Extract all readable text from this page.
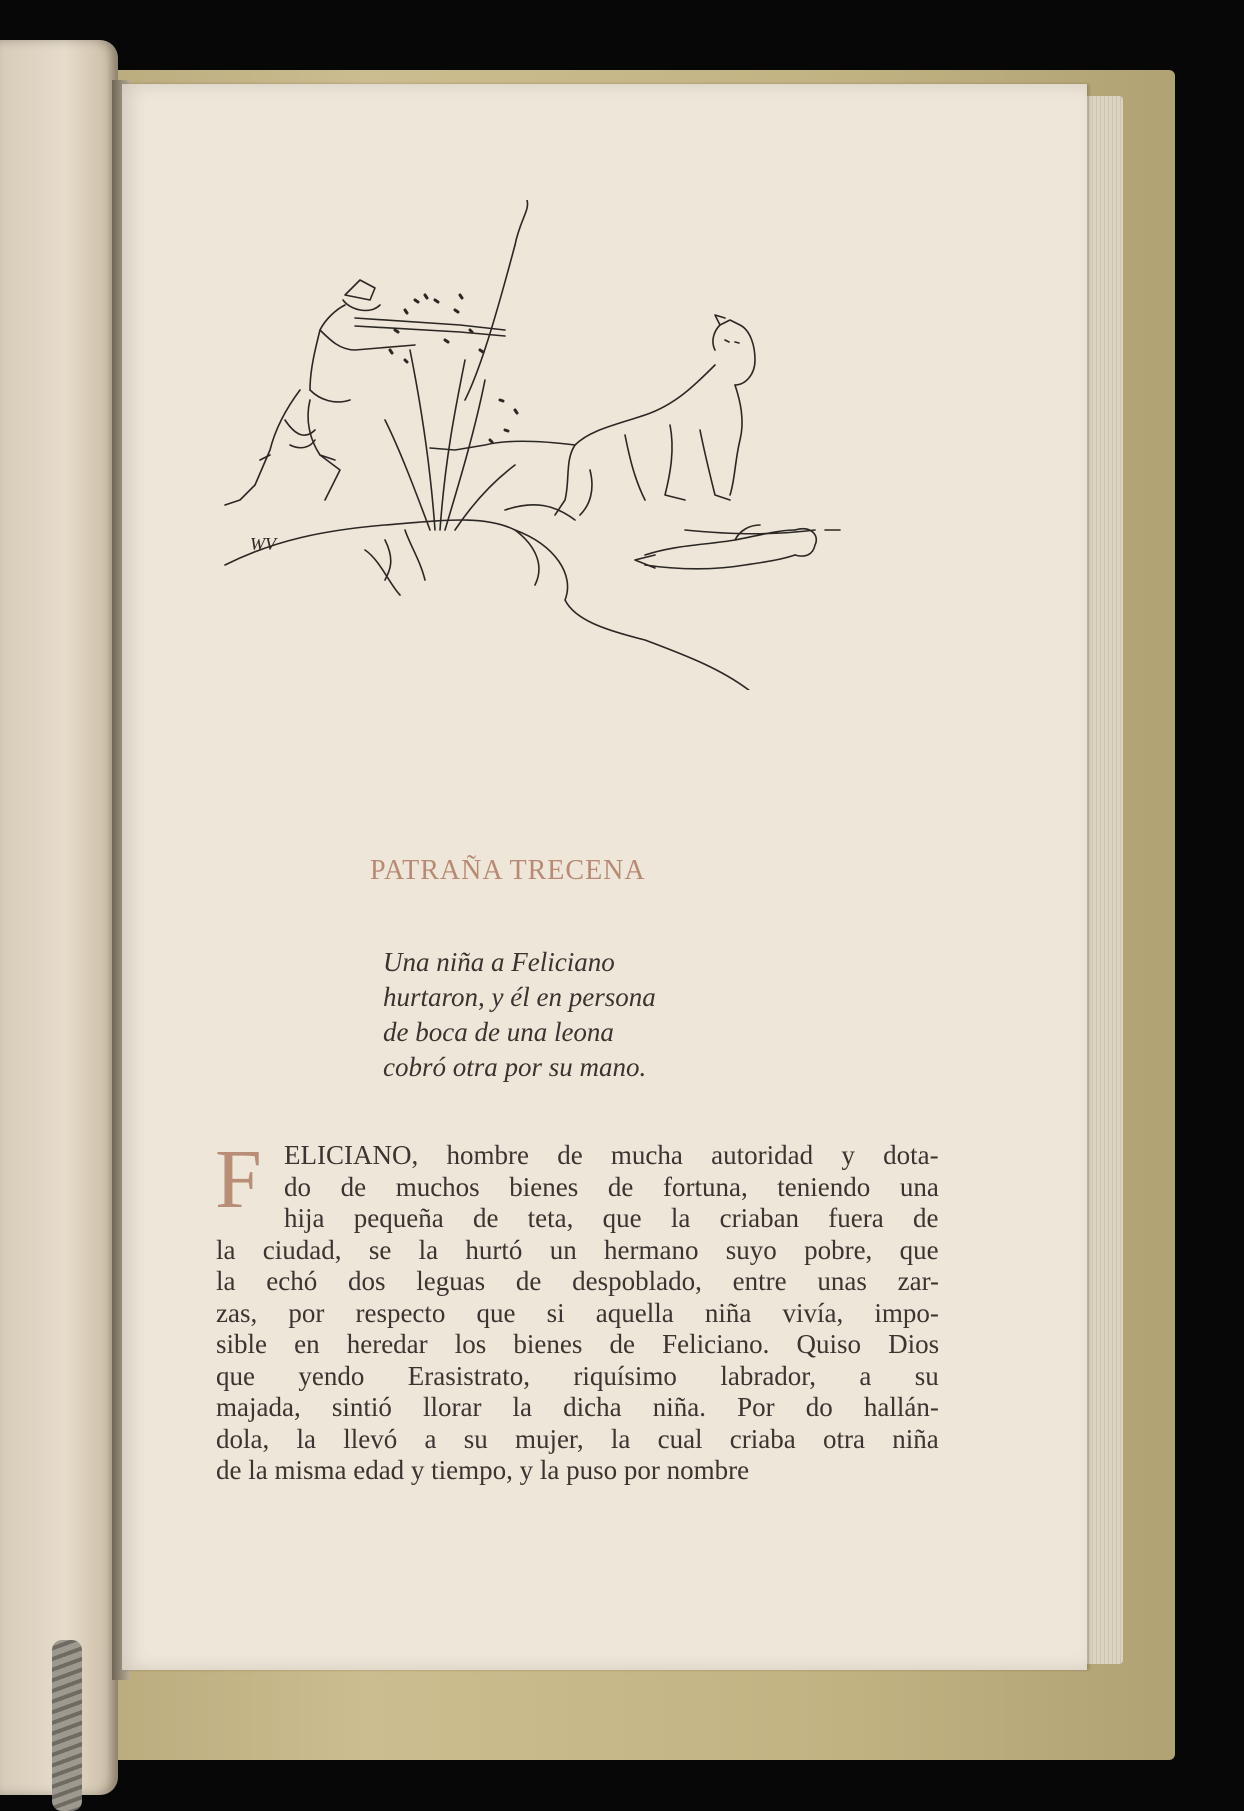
WV
PATRAÑA TRECENA
Una niña a Feliciano
hurtaron, y él en persona
de boca de una leona
cobró otra por su mano.
F ELICIANO, hombre de mucha autoridad y dota-
do de muchos bienes de fortuna, teniendo una
hija pequeña de teta, que la criaban fuera de
la ciudad, se la hurtó un hermano suyo pobre, que
la echó dos leguas de despoblado, entre unas zar-
zas, por respecto que si aquella niña vivía, impo-
sible en heredar los bienes de Feliciano. Quiso Dios
que yendo Erasistrato, riquísimo labrador, a su
majada, sintió llorar la dicha niña. Por do hallán-
dola, la llevó a su mujer, la cual criaba otra niña
de la misma edad y tiempo, y la puso por nombre
